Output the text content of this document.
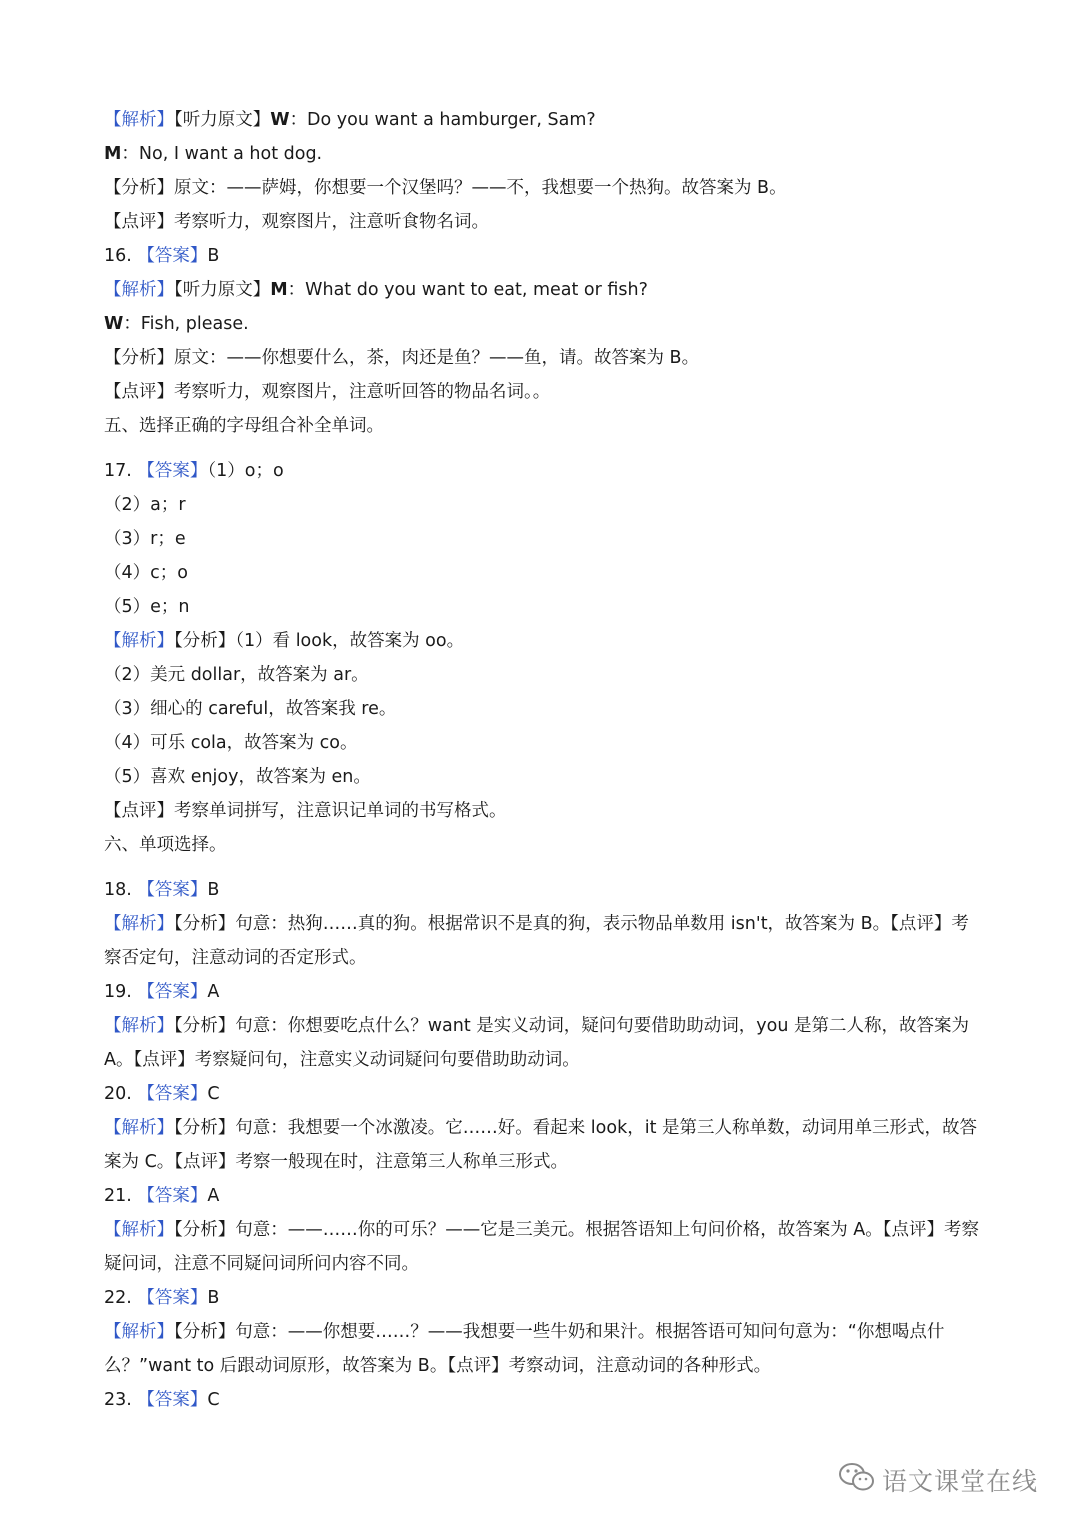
【解析】【听力原文】W：Do you want a hamburger, Sam?
M：No, I want a hot dog.
【分析】原文：——萨姆，你想要一个汉堡吗？——不，我想要一个热狗。故答案为 B。
【点评】考察听力，观察图片，注意听食物名词。
16. 【答案】B
【解析】【听力原文】M：What do you want to eat, meat or fish?
W：Fish, please.
【分析】原文：——你想要什么，茶，肉还是鱼？——鱼，请。故答案为 B。
【点评】考察听力，观察图片，注意听回答的物品名词。。
五、选择正确的字母组合补全单词。
17. 【答案】（1）o；o
（2）a；r
（3）r；e
（4）c；o
（5）e；n
【解析】【分析】（1）看 look，故答案为 oo。
（2）美元 dollar，故答案为 ar。
（3）细心的 careful，故答案我 re。
（4）可乐 cola，故答案为 co。
（5）喜欢 enjoy，故答案为 en。
【点评】考察单词拼写，注意识记单词的书写格式。
六、单项选择。
18. 【答案】B
【解析】【分析】句意：热狗……真的狗。根据常识不是真的狗，表示物品单数用 isn't，故答案为 B。【点评】考察否定句，注意动词的否定形式。
19. 【答案】A
【解析】【分析】句意：你想要吃点什么？want 是实义动词，疑问句要借助助动词，you 是第二人称，故答案为 A。【点评】考察疑问句，注意实义动词疑问句要借助助动词。
20. 【答案】C
【解析】【分析】句意：我想要一个冰激凌。它……好。看起来 look，it 是第三人称单数，动词用单三形式，故答案为 C。【点评】考察一般现在时，注意第三人称单三形式。
21. 【答案】A
【解析】【分析】句意：——……你的可乐？——它是三美元。根据答语知上句问价格，故答案为 A。【点评】考察疑问词，注意不同疑问词所问内容不同。
22. 【答案】B
【解析】【分析】句意：——你想要……？——我想要一些牛奶和果汁。根据答语可知问句意为：“你想喝点什么？”want to 后跟动词原形，故答案为 B。【点评】考察动词，注意动词的各种形式。
23. 【答案】C
语文课堂在线
